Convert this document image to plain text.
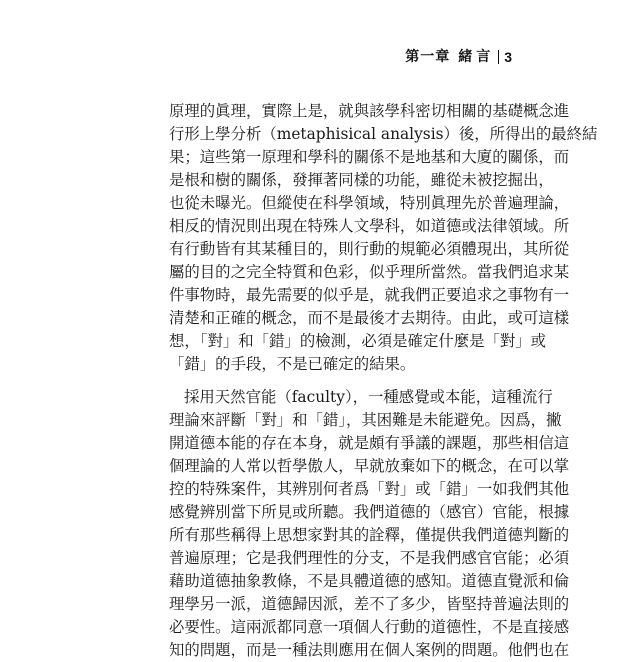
第一章 緒言 3
原理的眞理，實際上是，就與該學科密切相關的基礎概念進
行形上學分析（metaphisical analysis）後，所得出的最終結
果；這些第一原理和學科的關係不是地基和大廈的關係，而
是根和樹的關係，發揮著同樣的功能，雖從未被挖掘出，
也從未曝光。但縱使在科學領域，特別眞理先於普遍理論，
相反的情況則出現在特殊人文學科，如道德或法律領域。所
有行動皆有其某種目的，則行動的規範必須體現出，其所從
屬的目的之完全特質和色彩，似乎理所當然。當我們追求某
件事物時，最先需要的似乎是，就我們正要追求之事物有一
清楚和正確的概念，而不是最後才去期待。由此，或可這樣
想，「對」和「錯」的檢測，必須是確定什麼是「對」或
「錯」的手段，不是已確定的結果。
採用天然官能（faculty），一種感覺或本能，這種流行
理論來評斷「對」和「錯」，其困難是未能避免。因爲，撇
開道德本能的存在本身，就是頗有爭議的課題，那些相信這
個理論的人常以哲學傲人，早就放棄如下的概念，在可以掌
控的特殊案件，其辨別何者爲「對」或「錯」一如我們其他
感覺辨別當下所見或所聽。我們道德的（感官）官能，根據
所有那些稱得上思想家對其的詮釋，僅提供我們道德判斷的
普遍原理；它是我們理性的分支，不是我們感官官能；必須
藉助道德抽象教條，不是具體道德的感知。道德直覺派和倫
理學另一派，道德歸因派，差不了多少，皆堅持普遍法則的
必要性。這兩派都同意一項個人行動的道德性，不是直接感
知的問題，而是一種法則應用在個人案例的問題。他們也在
